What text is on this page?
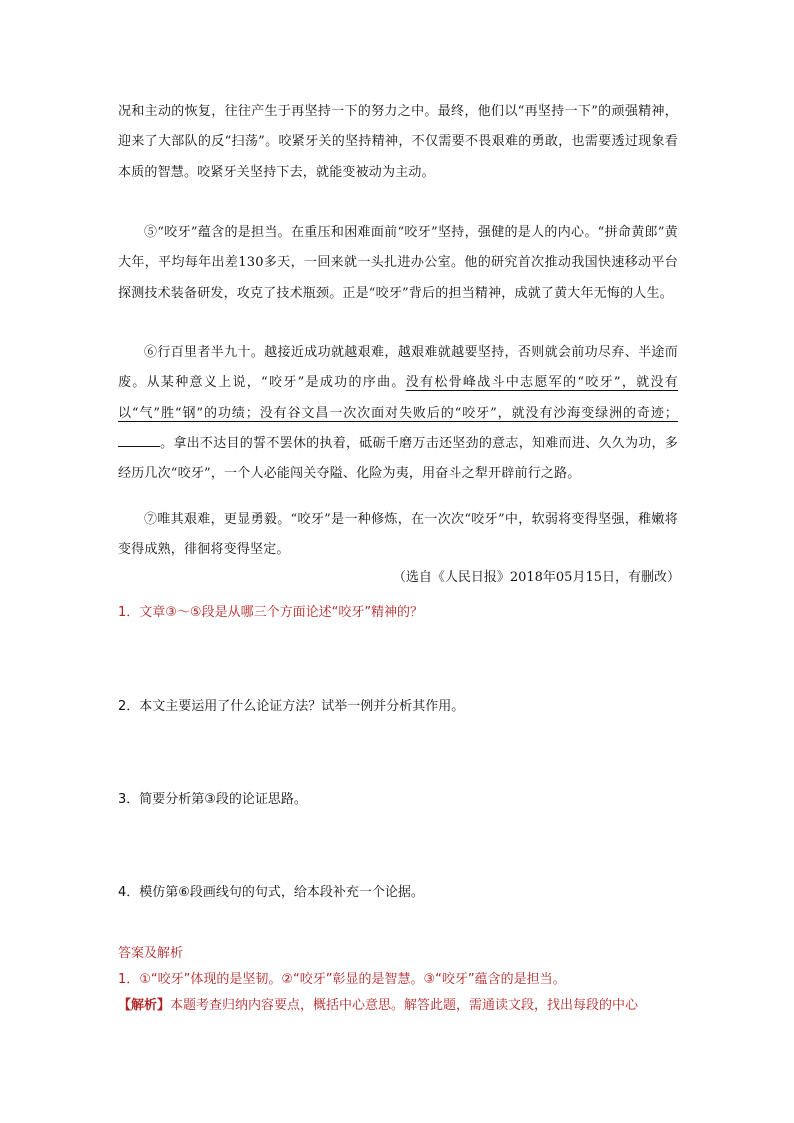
况和主动的恢复，往往产生于再坚持一下的努力之中。最终，他们以“再坚持一下”的顽强精神，迎来了大部队的反“扫荡”。咬紧牙关的坚持精神，不仅需要不畏艰难的勇敢，也需要透过现象看本质的智慧。咬紧牙关坚持下去，就能变被动为主动。

⑤“咬牙”蕴含的是担当。在重压和困难面前“咬牙”坚持，强健的是人的内心。“拼命黄郎”黄大年，平均每年出差130多天，一回来就一头扎进办公室。他的研究首次推动我国快速移动平台探测技术装备研发，攻克了技术瓶颈。正是“咬牙”背后的担当精神，成就了黄大年无悔的人生。

⑥行百里者半九十。越接近成功就越艰难，越艰难就越要坚持，否则就会前功尽弃、半途而废。从某种意义上说，“咬牙”是成功的序曲。没有松骨峰战斗中志愿军的“咬牙”，就没有以“气”胜“钢”的功绩；没有谷文昌一次次面对失败后的“咬牙”，就没有沙海变绿洲的奇迹；。拿出不达目的誓不罢休的执着，砥砺千磨万击还坚劲的意志，知难而进、久久为功，多经历几次“咬牙”，一个人必能闯关夺隘、化险为夷，用奋斗之犁开辟前行之路。

⑦唯其艰难，更显勇毅。“咬牙”是一种修炼，在一次次“咬牙”中，软弱将变得坚强，稚嫩将变得成熟，徘徊将变得坚定。

（选自《人民日报》2018年05月15日，有删改）
1．文章③～⑤段是从哪三个方面论述“咬牙”精神的？
2．本文主要运用了什么论证方法？试举一例并分析其作用。
3．简要分析第③段的论证思路。
4．模仿第⑥段画线句的句式，给本段补充一个论据。
答案及解析
1．①“咬牙”体现的是坚韧。②“咬牙”彰显的是智慧。③“咬牙”蕴含的是担当。
【解析】本题考查归纳内容要点，概括中心意思。解答此题，需通读文段，找出每段的中心
